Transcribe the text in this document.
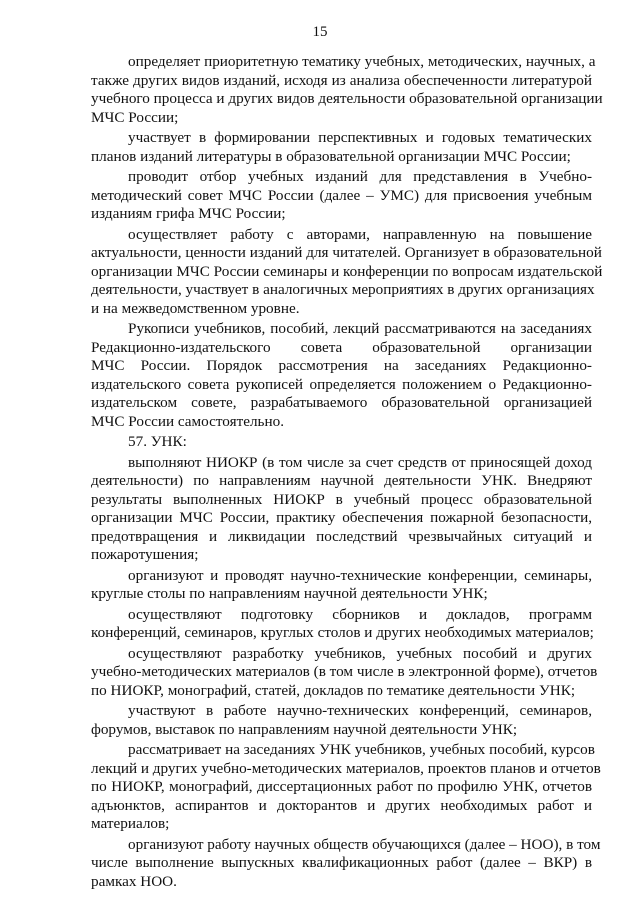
15

определяет приоритетную тематику учебных, методических, научных, а
также других видов изданий, исходя из анализа обеспеченности литературой
учебного процесса и других видов деятельности образовательной организации
МЧС России;

участвует в формировании перспективных и годовых тематических
планов изданий литературы в образовательной организации МЧС России;

проводит отбор учебных изданий для представления в Учебно-
методический совет МЧС России (далее – УМС) для присвоения учебным
изданиям грифа МЧС России;

осуществляет работу с авторами, направленную на повышение
актуальности, ценности изданий для читателей. Организует в образовательной
организации МЧС России семинары и конференции по вопросам издательской
деятельности, участвует в аналогичных мероприятиях в других организациях
и на межведомственном уровне.

Рукописи учебников, пособий, лекций рассматриваются на заседаниях
Редакционно-издательского совета образовательной организации
МЧС России. Порядок рассмотрения на заседаниях Редакционно-
издательского совета рукописей определяется положением о Редакционно-
издательском совете, разрабатываемого образовательной организацией
МЧС России самостоятельно.

57. УНК:

выполняют НИОКР (в том числе за счет средств от приносящей доход
деятельности) по направлениям научной деятельности УНК. Внедряют
результаты выполненных НИОКР в учебный процесс образовательной
организации МЧС России, практику обеспечения пожарной безопасности,
предотвращения и ликвидации последствий чрезвычайных ситуаций и
пожаротушения;

организуют и проводят научно-технические конференции, семинары,
круглые столы по направлениям научной деятельности УНК;

осуществляют подготовку сборников и докладов, программ
конференций, семинаров, круглых столов и других необходимых материалов;

осуществляют разработку учебников, учебных пособий и других
учебно-методических материалов (в том числе в электронной форме), отчетов
по НИОКР, монографий, статей, докладов по тематике деятельности УНК;

участвуют в работе научно-технических конференций, семинаров,
форумов, выставок по направлениям научной деятельности УНК;

рассматривает на заседаниях УНК учебников, учебных пособий, курсов
лекций и других учебно-методических материалов, проектов планов и отчетов
по НИОКР, монографий, диссертационных работ по профилю УНК, отчетов
адъюнктов, аспирантов и докторантов и других необходимых работ и
материалов;

организуют работу научных обществ обучающихся (далее – НОО), в том
числе выполнение выпускных квалификационных работ (далее – ВКР) в
рамках НОО.
